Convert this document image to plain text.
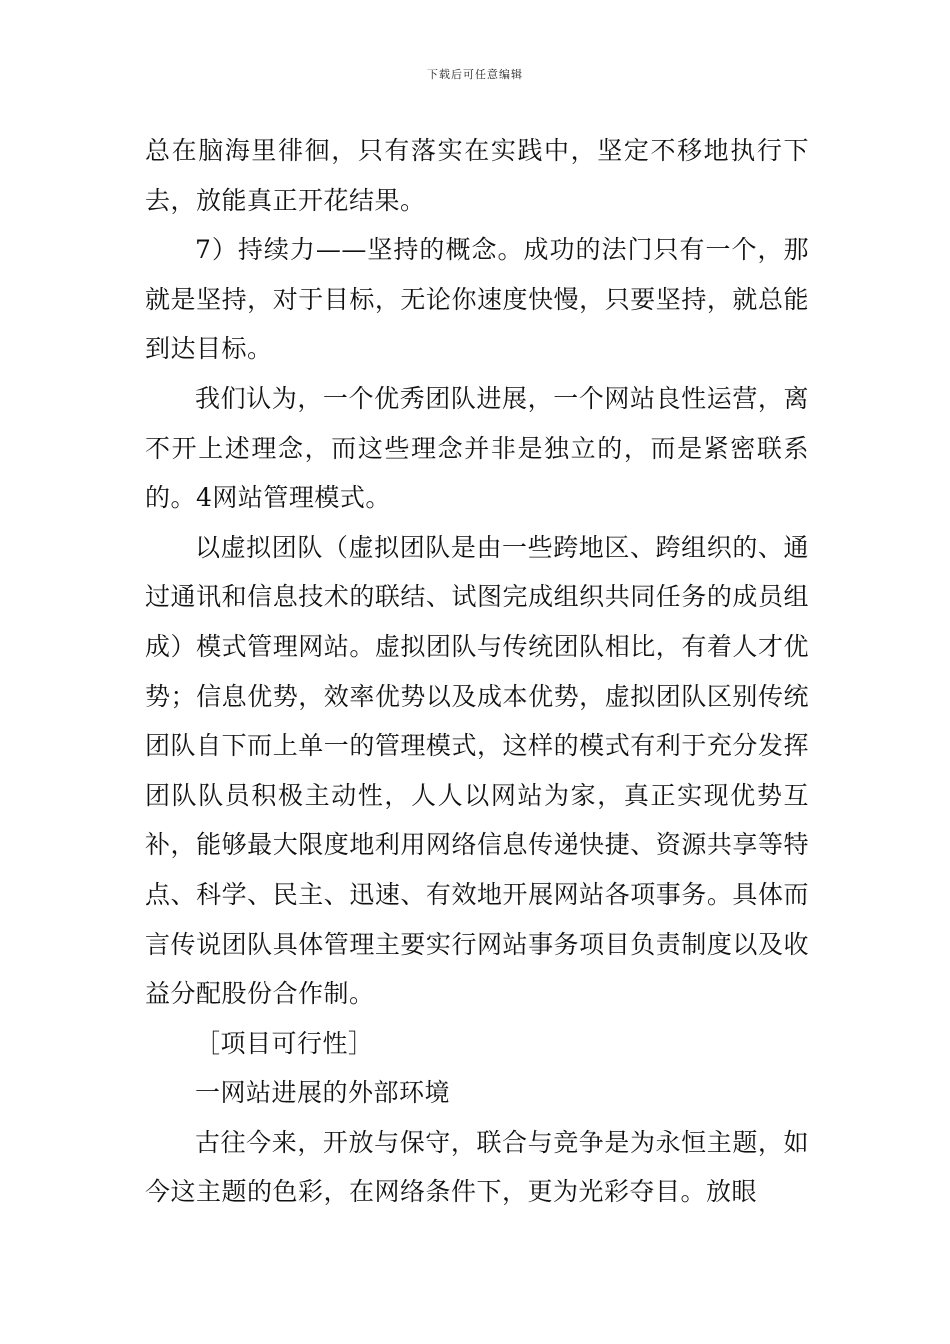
下载后可任意编辑

总在脑海里徘徊，只有落实在实践中，坚定不移地执行下去，放能真正开花结果。

7）持续力——坚持的概念。成功的法门只有一个，那就是坚持，对于目标，无论你速度快慢，只要坚持，就总能到达目标。

我们认为，一个优秀团队进展，一个网站良性运营，离不开上述理念，而这些理念并非是独立的，而是紧密联系的。4网站管理模式。

以虚拟团队（虚拟团队是由一些跨地区、跨组织的、通过通讯和信息技术的联结、试图完成组织共同任务的成员组成）模式管理网站。虚拟团队与传统团队相比，有着人才优势；信息优势，效率优势以及成本优势，虚拟团队区别传统团队自下而上单一的管理模式，这样的模式有利于充分发挥团队队员积极主动性，人人以网站为家，真正实现优势互补，能够最大限度地利用网络信息传递快捷、资源共享等特点、科学、民主、迅速、有效地开展网站各项事务。具体而言传说团队具体管理主要实行网站事务项目负责制度以及收益分配股份合作制。

［项目可行性］

一网站进展的外部环境

古往今来，开放与保守，联合与竞争是为永恒主题，如今这主题的色彩，在网络条件下，更为光彩夺目。放眼
